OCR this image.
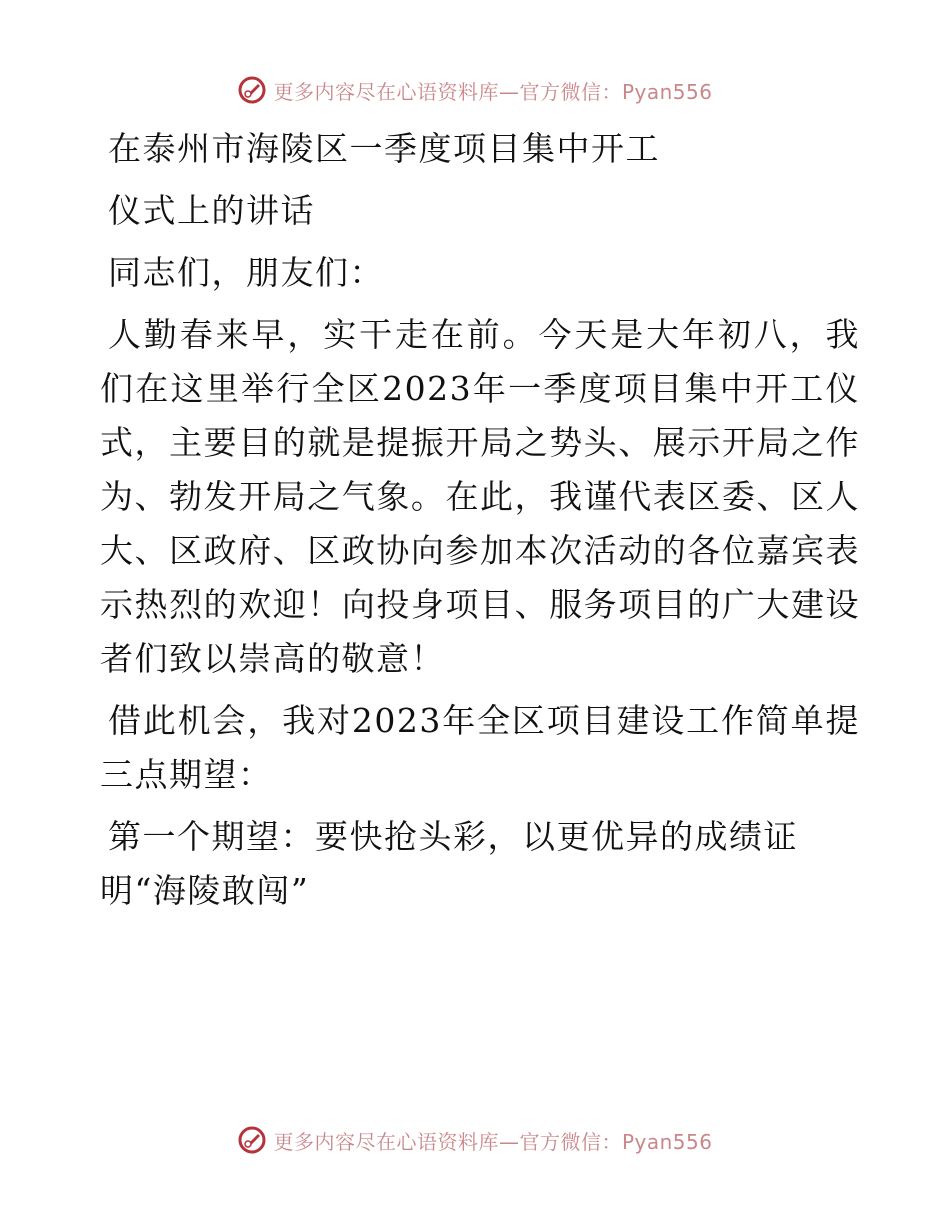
更多内容尽在心语资料库—官方微信：Pyan556

在泰州市海陵区一季度项目集中开工

仪式上的讲话

同志们，朋友们：

人勤春来早，实干走在前。今天是大年初八，我们在这里举行全区2023年一季度项目集中开工仪式，主要目的就是提振开局之势头、展示开局之作为、勃发开局之气象。在此，我谨代表区委、区人大、区政府、区政协向参加本次活动的各位嘉宾表示热烈的欢迎！向投身项目、服务项目的广大建设者们致以崇高的敬意！

借此机会，我对2023年全区项目建设工作简单提三点期望：

第一个期望：要快抢头彩，以更优异的成绩证

明“海陵敢闯”

更多内容尽在心语资料库—官方微信：Pyan556
